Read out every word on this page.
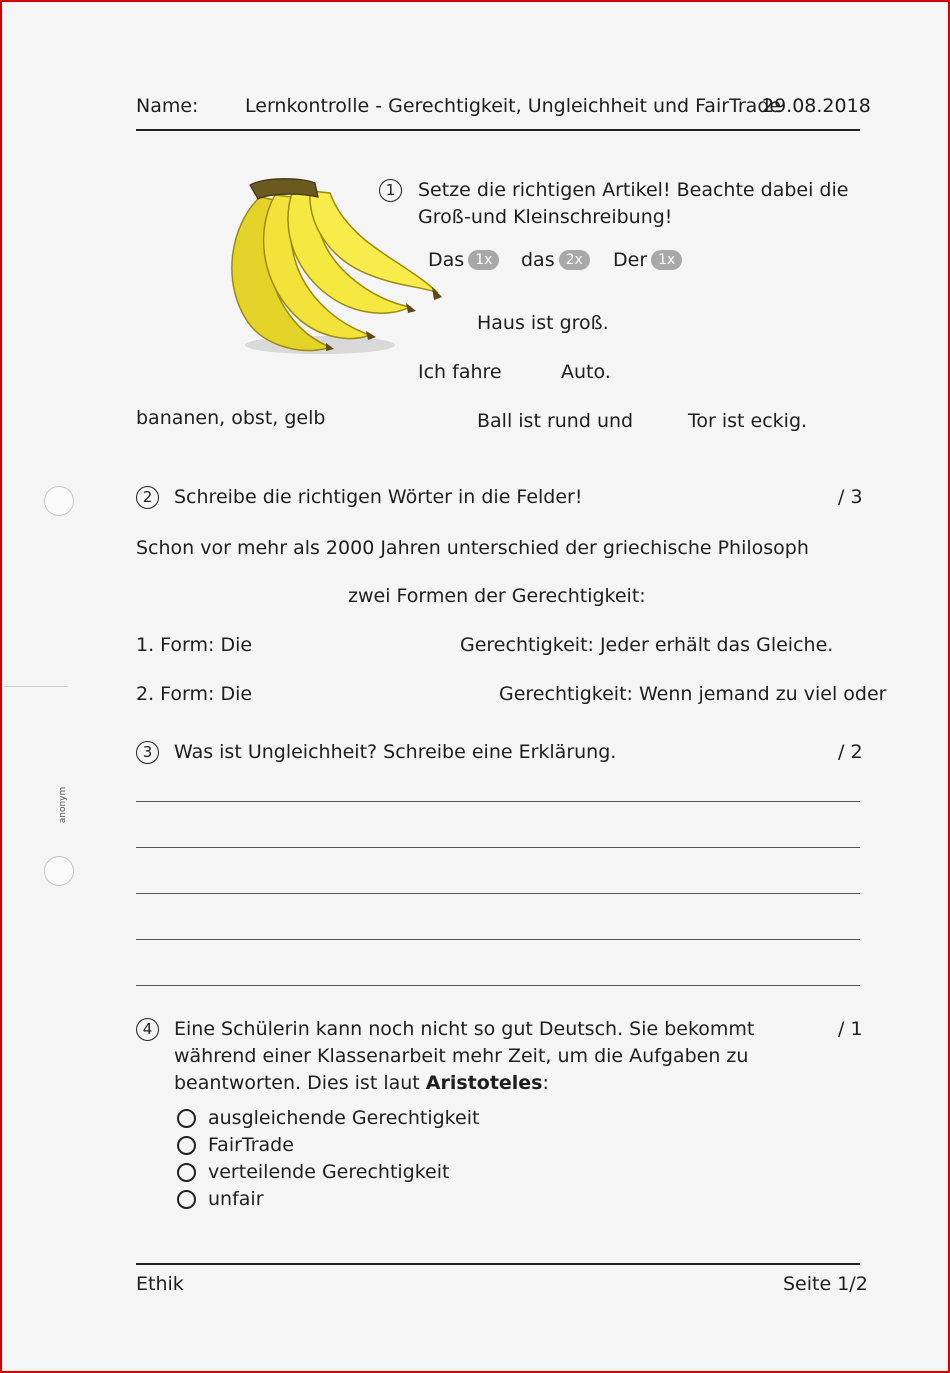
anonym
Name: Lernkontrolle - Gerechtigkeit, Ungleichheit und FairTrade
29.08.2018
bananen, obst, gelb
1	Setze die richtigen Artikel! Beachte dabei die
Groß-und Kleinschreibung!
Das 1x	das 2x	Der 1x
Haus ist groß.
Ich fahre	Auto.
Ball ist rund und	Tor ist eckig.
2	Schreibe die richtigen Wörter in die Felder!	/ 3
Schon vor mehr als 2000 Jahren unterschied der griechische Philosoph
zwei Formen der Gerechtigkeit:
1. Form: Die	Gerechtigkeit: Jeder erhält das Gleiche.
2. Form: Die	Gerechtigkeit: Wenn jemand zu viel oder
3	Was ist Ungleichheit? Schreibe eine Erklärung.	/ 2
4	Eine Schülerin kann noch nicht so gut Deutsch. Sie bekommt	/ 1
während einer Klassenarbeit mehr Zeit, um die Aufgaben zu
beantworten. Dies ist laut Aristoteles:
ausgleichende Gerechtigkeit
FairTrade
verteilende Gerechtigkeit
unfair
Ethik	Seite 1/2
